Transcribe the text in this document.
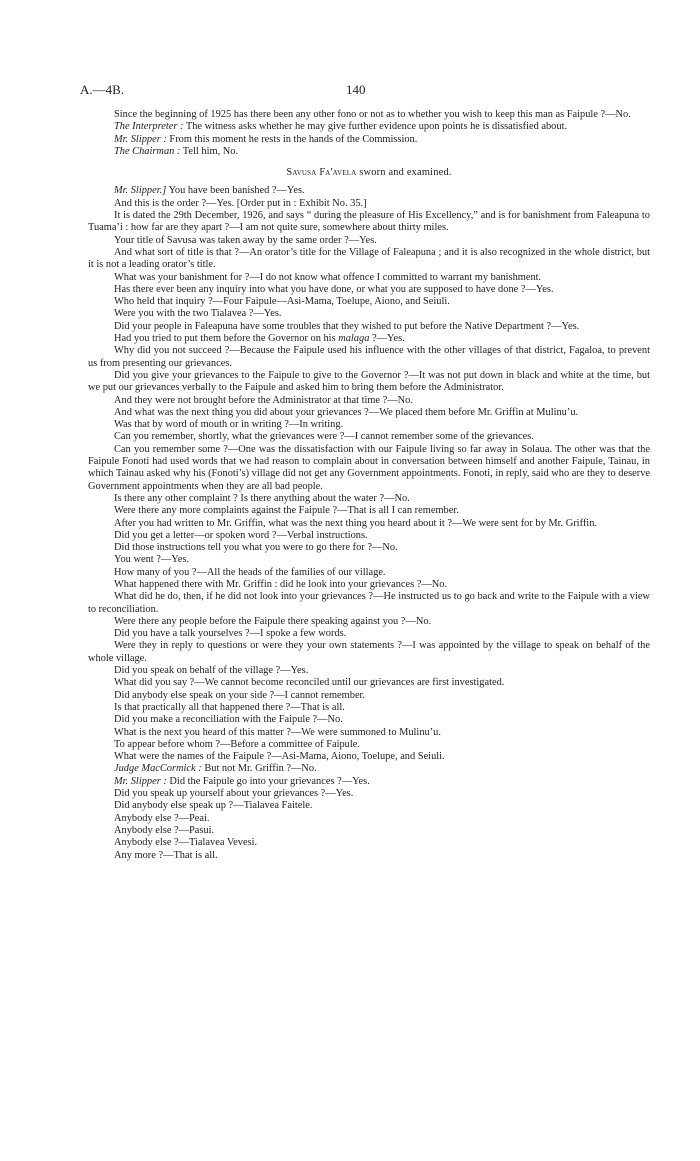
A.—4B.	140

Since the beginning of 1925 has there been any other fono or not as to whether you wish to keep this man as Faipule ?—No.

The Interpreter : The witness asks whether he may give further evidence upon points he is dissatisfied about.

Mr. Slipper : From this moment he rests in the hands of the Commission.

The Chairman : Tell him, No.

Savusa Fa'avela sworn and examined.

Mr. Slipper.] You have been banished ?—Yes.

And this is the order ?—Yes. [Order put in : Exhibit No. 35.]

It is dated the 29th December, 1926, and says “ during the pleasure of His Excellency,” and is for banishment from Faleapuna to Tuama’i : how far are they apart ?—I am not quite sure, somewhere about thirty miles.

Your title of Savusa was taken away by the same order ?—Yes.

And what sort of title is that ?—An orator’s title for the Village of Faleapuna ; and it is also recognized in the whole district, but it is not a leading orator’s title.

What was your banishment for ?—I do not know what offence I committed to warrant my banishment.

Has there ever been any inquiry into what you have done, or what you are supposed to have done ?—Yes.

Who held that inquiry ?—Four Faipule—Asi-Mama, Toelupe, Aiono, and Seiuli.

Were you with the two Tialavea ?—Yes.

Did your people in Faleapuna have some troubles that they wished to put before the Native Department ?—Yes.

Had you tried to put them before the Governor on his malaga ?—Yes.

Why did you not succeed ?—Because the Faipule used his influence with the other villages of that district, Fagaloa, to prevent us from presenting our grievances.

Did you give your grievances to the Faipule to give to the Governor ?—It was not put down in black and white at the time, but we put our grievances verbally to the Faipule and asked him to bring them before the Administrator.

And they were not brought before the Administrator at that time ?—No.

And what was the next thing you did about your grievances ?—We placed them before Mr. Griffin at Mulinu’u.

Was that by word of mouth or in writing ?—In writing.

Can you remember, shortly, what the grievances were ?—I cannot remember some of the grievances.

Can you remember some ?—One was the dissatisfaction with our Faipule living so far away in Solaua. The other was that the Faipule Fonoti had used words that we had reason to complain about in conversation between himself and another Faipule, Tainau, in which Tainau asked why his (Fonoti’s) village did not get any Government appointments. Fonoti, in reply, said who are they to deserve Government appointments when they are all bad people.

Is there any other complaint ? Is there anything about the water ?—No.

Were there any more complaints against the Faipule ?—That is all I can remember.

After you had written to Mr. Griffin, what was the next thing you heard about it ?—We were sent for by Mr. Griffin.

Did you get a letter—or spoken word ?—Verbal instructions.

Did those instructions tell you what you were to go there for ?—No.

You went ?—Yes.

How many of you ?—All the heads of the families of our village.

What happened there with Mr. Griffin : did he look into your grievances ?—No.

What did he do, then, if he did not look into your grievances ?—He instructed us to go back and write to the Faipule with a view to reconciliation.

Were there any people before the Faipule there speaking against you ?—No.

Did you have a talk yourselves ?—I spoke a few words.

Were they in reply to questions or were they your own statements ?—I was appointed by the village to speak on behalf of the whole village.

Did you speak on behalf of the village ?—Yes.

What did you say ?—We cannot become reconciled until our grievances are first investigated.

Did anybody else speak on your side ?—I cannot remember.

Is that practically all that happened there ?—That is all.

Did you make a reconciliation with the Faipule ?—No.

What is the next you heard of this matter ?—We were summoned to Mulinu’u.

To appear before whom ?—Before a committee of Faipule.

What were the names of the Faipule ?—Asi-Mama, Aiono, Toelupe, and Seiuli.

Judge MacCormick : But not Mr. Griffin ?—No.

Mr. Slipper : Did the Faipule go into your grievances ?—Yes.

Did you speak up yourself about your grievances ?—Yes.

Did anybody else speak up ?—Tialavea Faitele.

Anybody else ?—Peai.

Anybody else ?—Pasui.

Anybody else ?—Tialavea Vevesi.

Any more ?—That is all.
